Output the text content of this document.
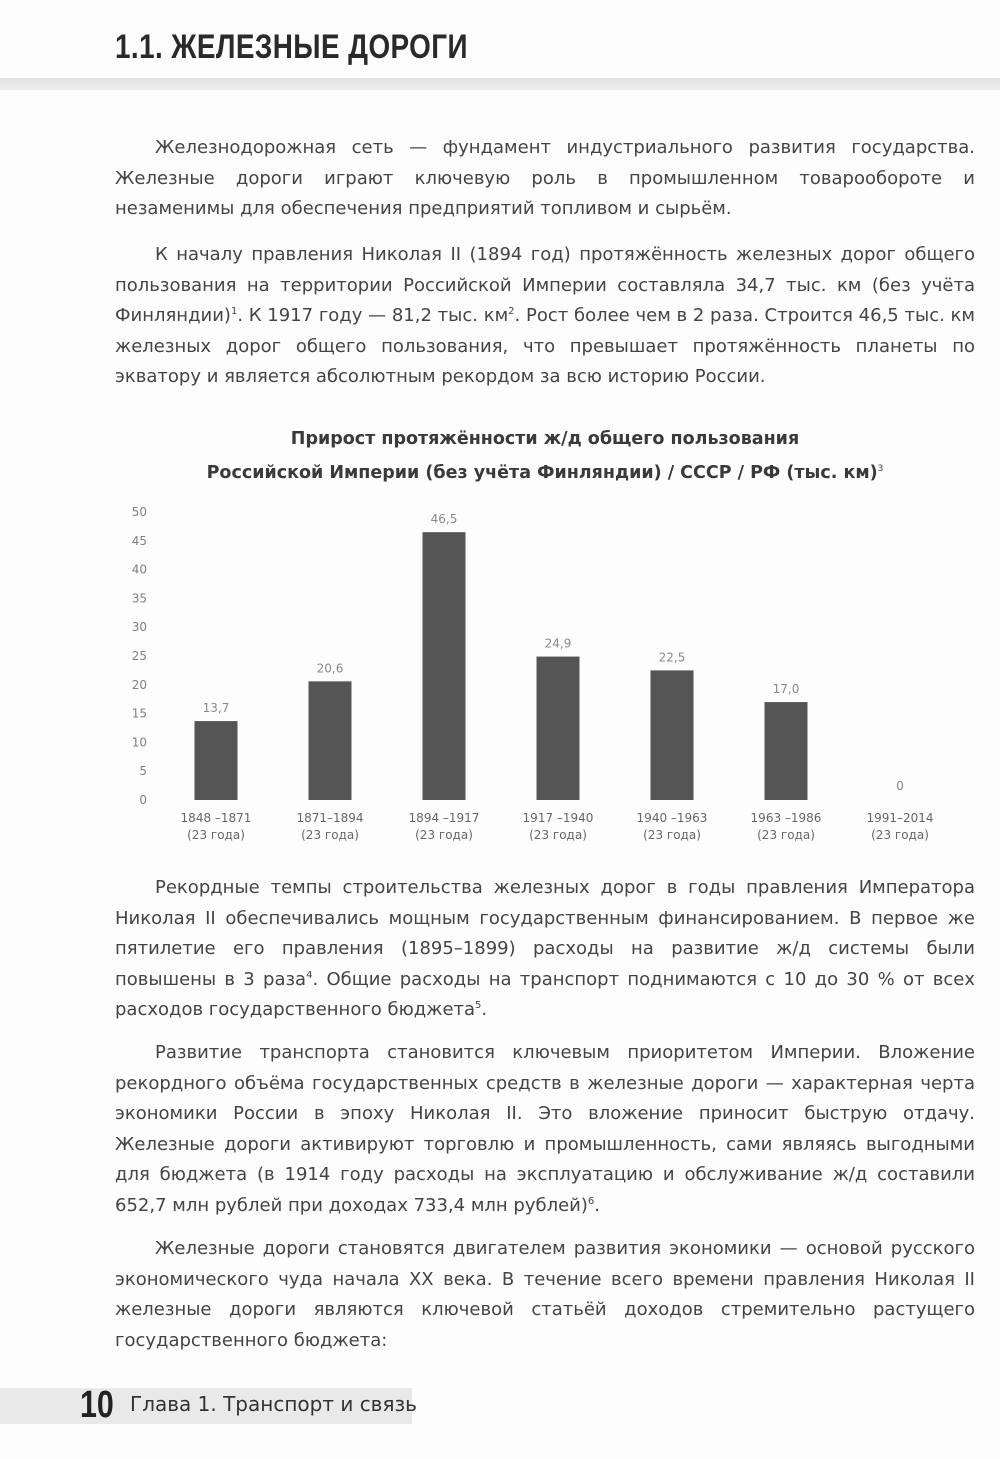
1.1. ЖЕЛЕЗНЫЕ ДОРОГИ

Железнодорожная сеть — фундамент индустриального развития государства. Железные дороги играют ключевую роль в промышленном товарообороте и незаменимы для обеспечения предприятий топливом и сырьём.

К началу правления Николая II (1894 год) протяжённость железных дорог общего пользования на территории Российской Империи составляла 34,7 тыс. км (без учёта Финляндии)$^1$. К 1917 году — 81,2 тыс. $км^2$. Рост более чем в 2 раза. Строится 46,5 тыс. км железных дорог общего пользования, что превышает протяжённость планеты по экватору и является абсолютным рекордом за всю историю России.

Прирост протяжённости ж/д общего пользования
Российской Империи (без учёта Финляндии) / СССР / РФ (тыс. км)$^3$
0
5
10
15
20
25
30
35
40
45
50
13,7
1848 –1871
(23 года)
20,6
1871–1894
(23 года)
46,5
1894 –1917
(23 года)
24,9
1917 –1940
(23 года)
22,5
1940 –1963
(23 года)
17,0
1963 –1986
(23 года)
0
1991–2014
(23 года)

Рекордные темпы строительства железных дорог в годы правления Императора Николая II обеспечивались мощным государственным финансированием. В первое же пятилетие его правления (1895–1899) расходы на развитие ж/д системы были повышены в 3 раза$^4$. Общие расходы на транспорт поднимаются с 10 до 30 % от всех расходов государственного бюджета$^5$.

Развитие транспорта становится ключевым приоритетом Империи. Вложение рекордного объёма государственных средств в железные дороги — характерная черта экономики России в эпоху Николая II. Это вложение приносит быструю отдачу. Железные дороги активируют торговлю и промышленность, сами являясь выгодными для бюджета (в 1914 году расходы на эксплуатацию и обслуживание ж/д составили 652,7 млн рублей при доходах 733,4 млн рублей)$^6$.

Железные дороги становятся двигателем развития экономики — основой русского экономического чуда начала XX века. В течение всего времени правления Николая II железные дороги являются ключевой статьёй доходов стремительно растущего государственного бюджета:

10 Глава 1. Транспорт и связь
